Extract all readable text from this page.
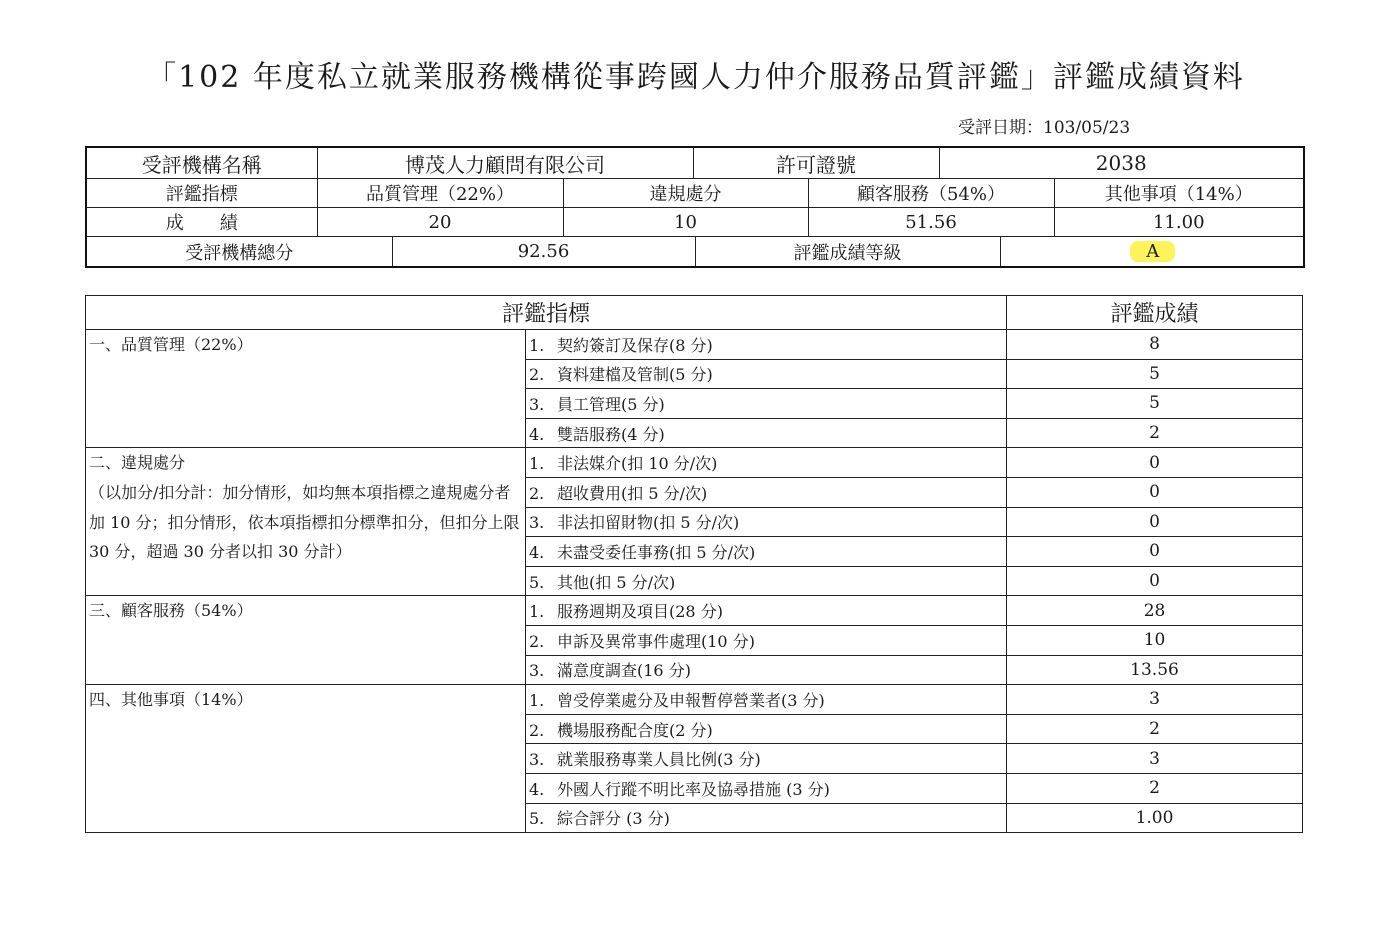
「102 年度私立就業服務機構從事跨國人力仲介服務品質評鑑」評鑑成績資料
受評日期：103/05/23
受評機構名稱	博茂人力顧問有限公司	許可證號	2038
評鑑指標	品質管理（22%）	違規處分	顧客服務（54%）	其他事項（14%）
成　　績	20	10	51.56	11.00

受評機構總分	92.56	評鑑成績等級	A
評鑑指標		評鑑成績

一、品質管理（22%）	1. 契約簽訂及保存(8 分)	8
	2. 資料建檔及管制(5 分)	5
	3. 員工管理(5 分)	5
	4. 雙語服務(4 分)	2

二、違規處分
（以加分/扣分計：加分情形，如均無本項指標之違規處分者加 10 分；扣分情形，依本項指標扣分標準扣分，但扣分上限 30 分，超過 30 分者以扣 30 分計）	1. 非法媒介(扣 10 分/次)	0
	2. 超收費用(扣 5 分/次)	0
	3. 非法扣留財物(扣 5 分/次)	0
	4. 未盡受委任事務(扣 5 分/次)	0
	5. 其他(扣 5 分/次)	0

三、顧客服務（54%）	1. 服務週期及項目(28 分)	28
	2. 申訴及異常事件處理(10 分)	10
	3. 滿意度調查(16 分)	13.56

四、其他事項（14%）	1. 曾受停業處分及申報暫停營業者(3 分)	3
	2. 機場服務配合度(2 分)	2
	3. 就業服務專業人員比例(3 分)	3
	4. 外國人行蹤不明比率及協尋措施 (3 分)	2
	5. 綜合評分 (3 分)	1.00
